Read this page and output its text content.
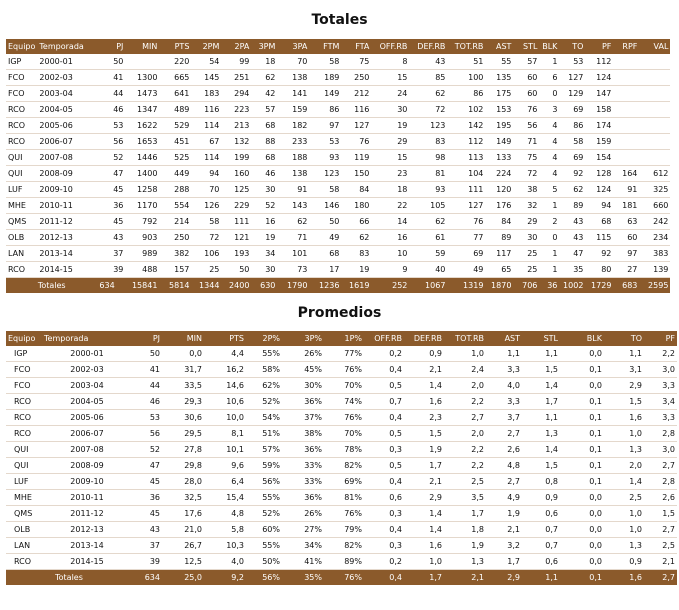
Totales
Equipo	Temporada	PJ	MIN	PTS	2PM	2PA	3PM	3PA	FTM	FTA	OFF.RB	DEF.RB	TOT.RB	AST	STL	BLK	TO	PF	RPF	VAL
IGP	2000-01	50		220	54	99	18	70	58	75	8	43	51	55	57	1	53	112		
FCO	2002-03	41	1300	665	145	251	62	138	189	250	15	85	100	135	60	6	127	124		
FCO	2003-04	44	1473	641	183	294	42	141	149	212	24	62	86	175	60	0	129	147		
RCO	2004-05	46	1347	489	116	223	57	159	86	116	30	72	102	153	76	3	69	158		
RCO	2005-06	53	1622	529	114	213	68	182	97	127	19	123	142	195	56	4	86	174		
RCO	2006-07	56	1653	451	67	132	88	233	53	76	29	83	112	149	71	4	58	159		
QUI	2007-08	52	1446	525	114	199	68	188	93	119	15	98	113	133	75	4	69	154		
QUI	2008-09	47	1400	449	94	160	46	138	123	150	23	81	104	224	72	4	92	128	164	612
LUF	2009-10	45	1258	288	70	125	30	91	58	84	18	93	111	120	38	5	62	124	91	325
MHE	2010-11	36	1170	554	126	229	52	143	146	180	22	105	127	176	32	1	89	94	181	660
QMS	2011-12	45	792	214	58	111	16	62	50	66	14	62	76	84	29	2	43	68	63	242
OLB	2012-13	43	903	250	72	121	19	71	49	62	16	61	77	89	30	0	43	115	60	234
LAN	2013-14	37	989	382	106	193	34	101	68	83	10	59	69	117	25	1	47	92	97	383
RCO	2014-15	39	488	157	25	50	30	73	17	19	9	40	49	65	25	1	35	80	27	139
Totales		634	15841	5814	1344	2400	630	1790	1236	1619	252	1067	1319	1870	706	36	1002	1729	683	2595
Promedios
Equipo	Temporada	PJ	MIN	PTS	2P%	3P%	1P%	OFF.RB	DEF.RB	TOT.RB	AST	STL	BLK	TO	PF
IGP	2000-01	50	0,0	4,4	55%	26%	77%	0,2	0,9	1,0	1,1	1,1	0,0	1,1	2,2
FCO	2002-03	41	31,7	16,2	58%	45%	76%	0,4	2,1	2,4	3,3	1,5	0,1	3,1	3,0
FCO	2003-04	44	33,5	14,6	62%	30%	70%	0,5	1,4	2,0	4,0	1,4	0,0	2,9	3,3
RCO	2004-05	46	29,3	10,6	52%	36%	74%	0,7	1,6	2,2	3,3	1,7	0,1	1,5	3,4
RCO	2005-06	53	30,6	10,0	54%	37%	76%	0,4	2,3	2,7	3,7	1,1	0,1	1,6	3,3
RCO	2006-07	56	29,5	8,1	51%	38%	70%	0,5	1,5	2,0	2,7	1,3	0,1	1,0	2,8
QUI	2007-08	52	27,8	10,1	57%	36%	78%	0,3	1,9	2,2	2,6	1,4	0,1	1,3	3,0
QUI	2008-09	47	29,8	9,6	59%	33%	82%	0,5	1,7	2,2	4,8	1,5	0,1	2,0	2,7
LUF	2009-10	45	28,0	6,4	56%	33%	69%	0,4	2,1	2,5	2,7	0,8	0,1	1,4	2,8
MHE	2010-11	36	32,5	15,4	55%	36%	81%	0,6	2,9	3,5	4,9	0,9	0,0	2,5	2,6
QMS	2011-12	45	17,6	4,8	52%	26%	76%	0,3	1,4	1,7	1,9	0,6	0,0	1,0	1,5
OLB	2012-13	43	21,0	5,8	60%	27%	79%	0,4	1,4	1,8	2,1	0,7	0,0	1,0	2,7
LAN	2013-14	37	26,7	10,3	55%	34%	82%	0,3	1,6	1,9	3,2	0,7	0,0	1,3	2,5
RCO	2014-15	39	12,5	4,0	50%	41%	89%	0,2	1,0	1,3	1,7	0,6	0,0	0,9	2,1
Totales		634	25,0	9,2	56%	35%	76%	0,4	1,7	2,1	2,9	1,1	0,1	1,6	2,7
